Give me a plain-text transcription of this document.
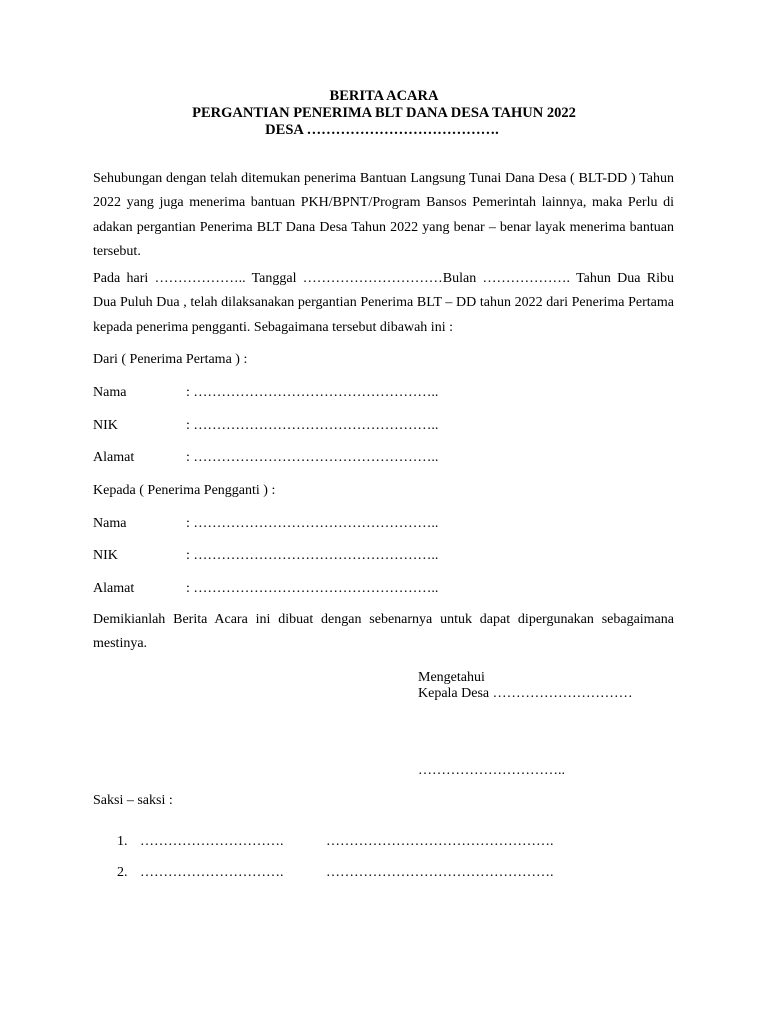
BERITA ACARA
PERGANTIAN PENERIMA BLT DANA DESA TAHUN 2022
DESA ………………………………….
Sehubungan dengan telah ditemukan penerima Bantuan Langsung Tunai Dana Desa ( BLT-DD ) Tahun 2022 yang juga menerima bantuan PKH/BPNT/Program Bansos Pemerintah lainnya, maka Perlu di adakan pergantian Penerima BLT Dana Desa Tahun 2022 yang benar – benar layak menerima bantuan tersebut.
Pada hari ……………….. Tanggal …………………………Bulan ………………. Tahun Dua Ribu Dua Puluh Dua , telah dilaksanakan pergantian Penerima BLT – DD tahun 2022 dari Penerima Pertama kepada penerima pengganti. Sebagaimana tersebut dibawah ini :
Dari ( Penerima Pertama ) :
Nama	: ……………………………………………..
NIK	: ……………………………………………..
Alamat	: ……………………………………………..
Kepada ( Penerima Pengganti ) :
Nama	: ……………………………………………..
NIK	: ……………………………………………..
Alamat	: ……………………………………………..
Demikianlah Berita Acara ini dibuat dengan sebenarnya untuk dapat dipergunakan sebagaimana mestinya.
Mengetahui
Kepala Desa …………………………
…………………………..
Saksi – saksi :
1. ………………………….	………………………………………….
2. ………………………….	………………………………………….
